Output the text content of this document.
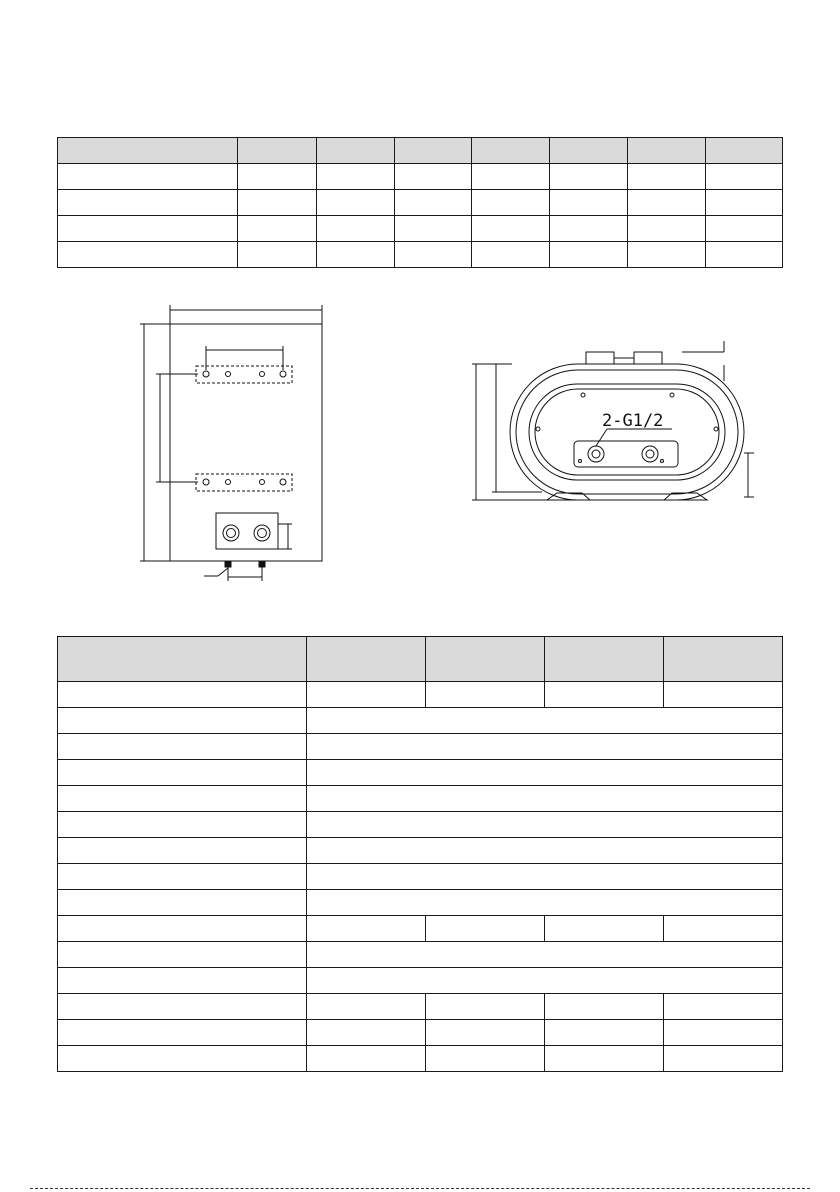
2-G1/2
